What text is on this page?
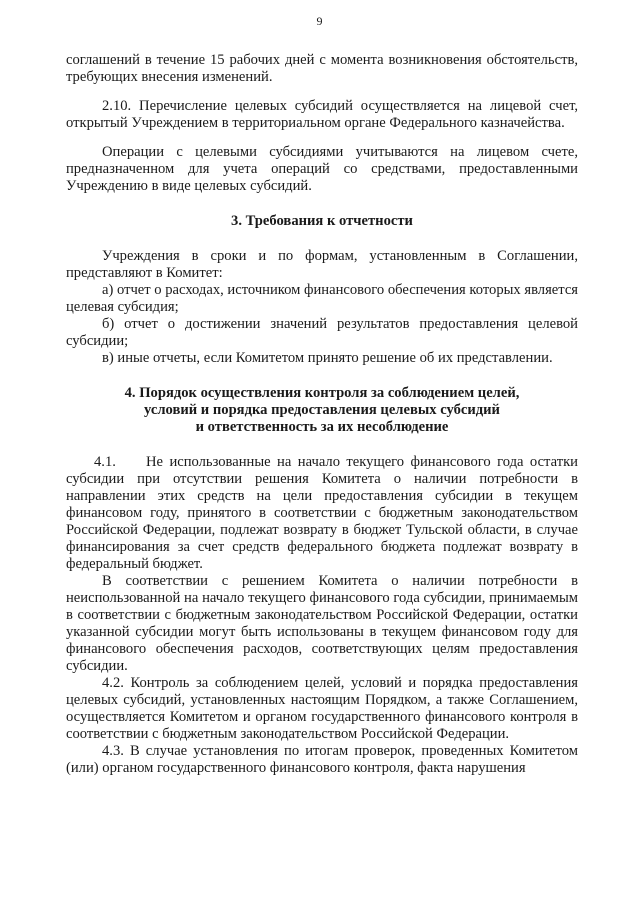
9

соглашений в течение 15 рабочих дней с момента возникновения обстоятельств, требующих внесения изменений.

2.10. Перечисление целевых субсидий осуществляется на лицевой счет, открытый Учреждением в территориальном органе Федерального казначейства.

Операции с целевыми субсидиями учитываются на лицевом счете, предназначенном для учета операций со средствами, предоставленными Учреждению в виде целевых субсидий.

3. Требования к отчетности

Учреждения в сроки и по формам, установленным в Соглашении, представляют в Комитет:

а) отчет о расходах, источником финансового обеспечения которых является целевая субсидия;

б) отчет о достижении значений результатов предоставления целевой субсидии;

в) иные отчеты, если Комитетом принято решение об их представлении.

4. Порядок осуществления контроля за соблюдением целей,
условий и порядка предоставления целевых субсидий
и ответственность за их несоблюдение

4.1. Не использованные на начало текущего финансового года остатки субсидии при отсутствии решения Комитета о наличии потребности в направлении этих средств на цели предоставления субсидии в текущем финансовом году, принятого в соответствии с бюджетным законодательством Российской Федерации, подлежат возврату в бюджет Тульской области, в случае финансирования за счет средств федерального бюджета подлежат возврату в федеральный бюджет.

В соответствии с решением Комитета о наличии потребности в неиспользованной на начало текущего финансового года субсидии, принимаемым в соответствии с бюджетным законодательством Российской Федерации, остатки указанной субсидии могут быть использованы в текущем финансовом году для финансового обеспечения расходов, соответствующих целям предоставления субсидии.

4.2. Контроль за соблюдением целей, условий и порядка предоставления целевых субсидий, установленных настоящим Порядком, а также Соглашением, осуществляется Комитетом и органом государственного финансового контроля в соответствии с бюджетным законодательством Российской Федерации.

4.3. В случае установления по итогам проверок, проведенных Комитетом (или) органом государственного финансового контроля, факта нарушения
